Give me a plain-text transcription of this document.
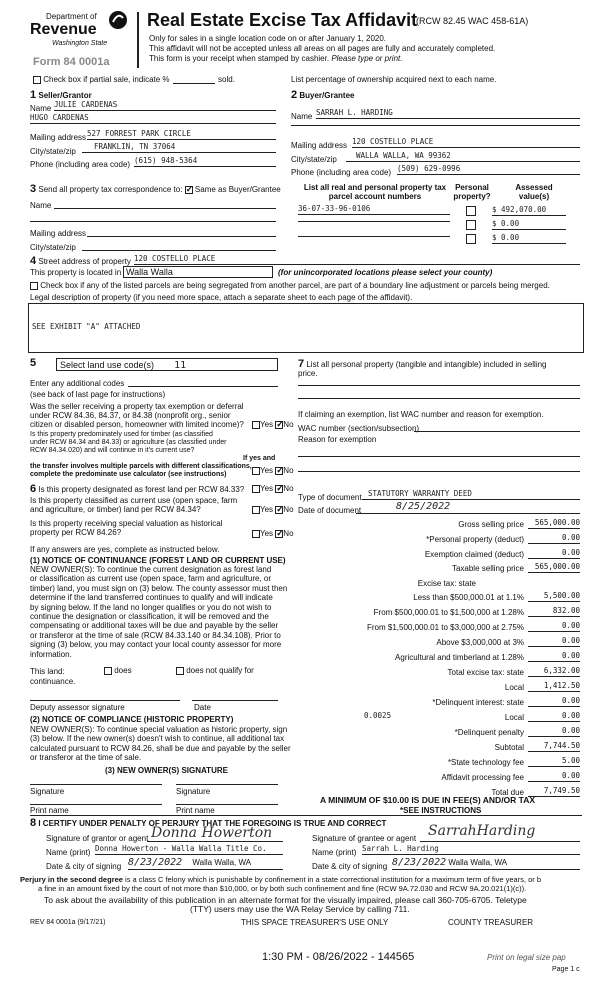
Department of
Revenue
Washington State
Form 84 0001a
Real Estate Excise Tax Affidavit
(RCW 82.45 WAC 458-61A)
Only for sales in a single location code on or after January 1, 2020.
This affidavit will not be accepted unless all areas on all pages are fully and accurately completed.
This form is your receipt when stamped by cashier. Please type or print.
Check box if partial sale, indicate %	sold.	List percentage of ownership acquired next to each name.
1 Seller/Grantor
Name JULIE CARDENAS
HUGO CARDENAS
Mailing address 527 FORREST PARK CIRCLE
City/state/zip
FRANKLIN, TN 37064
Phone (including area code) (615) 948-5364
2 Buyer/Grantee
Name SARRAH L. HARDING
Mailing address 120 COSTELLO PLACE
City/state/zip	WALLA WALLA, WA 99362
Phone (including area code) (509) 629-0996
3 Send all property tax correspondence to: ✓ Same as Buyer/Grantee
Name
Mailing address
City/state/zip
List all real and personal property tax
parcel account numbers
Personal
property?
Assessed
value(s)
36-07-33-96-0106	$ 492,070.00
$ 0.00
$ 0.00
4 Street address of property 120 COSTELLO PLACE
This property is located in Walla Walla	(for unincorporated locations please select your county)
Check box if any of the listed parcels are being segregated from another parcel, are part of a boundary line adjustment or parcels being merged.
Legal description of property (if you need more space, attach a separate sheet to each page of the affidavit).
SEE EXHIBIT "A" ATTACHED
5	Select land use code(s) 11
Enter any additional codes
(see back of last page for instructions)
Was the seller receiving a property tax exemption or deferral
under RCW 84.36, 84.37, or 84.38 (nonprofit org., senior
citizen or disabled person, homeowner with limited income)?	Yes ✓ No
Is this property predominately used for timber (as classified
under RCW 84.34 and 84.33) or agriculture (as classified under
RCW 84.34.020) and will continue in it's current use?
If yes and
the transfer involves multiple parcels with different classifications,
complete the predominate use calculator (see instructions)	Yes ✓ No
6 Is this property designated as forest land per RCW 84.33?	Yes ✓ No
Is this property classified as current use (open space, farm
and agriculture, or timber) land per RCW 84.34?	Yes ✓ No
Is this property receiving special valuation as historical
property per RCW 84.26?	Yes ✓ No
If any answers are yes, complete as instructed below.
(1) NOTICE OF CONTINUANCE (FOREST LAND OR CURRENT USE)
NEW OWNER(S): To continue the current designation as forest land
or classification as current use (open space, farm and agriculture, or
timber) land, you must sign on (3) below. The county assessor must then
determine if the land transferred continues to qualify and will indicate
by signing below. If the land no longer qualifies or you do not wish to
continue the designation or classification, it will be removed and the
compensating or additional taxes will be due and payable by the seller
or transferor at the time of sale (RCW 84.33.140 or 84.34.108). Prior to
signing (3) below, you may contact your local county assessor for more
information.
This land:	does	does not qualify for
continuance.
Deputy assessor signature	Date
(2) NOTICE OF COMPLIANCE (HISTORIC PROPERTY)
NEW OWNER(S): To continue special valuation as historic property, sign
(3) below. If the new owner(s) doesn't wish to continue, all additional tax
calculated pursuant to RCW 84.26, shall be due and payable by the seller
or transferor at the time of sale.
(3) NEW OWNER(S) SIGNATURE
Signature	Signature
Print name	Print name
7 List all personal property (tangible and intangible) included in selling
price.
If claiming an exemption, list WAC number and reason for exemption.
WAC number (section/subsection)
Reason for exemption
Type of document STATUTORY WARRANTY DEED
Date of document	8/25/2022
Gross selling price	565,000.00
*Personal property (deduct)	0.00
Exemption claimed (deduct)	0.00
Taxable selling price	565,000.00
Excise tax: state
Less than $500,000.01 at 1.1%	5,500.00
From $500,000.01 to $1,500,000 at 1.28%	832.00
From $1,500,000.01 to $3,000,000 at 2.75%	0.00
Above $3,000,000 at 3%	0.00
Agricultural and timberland at 1.28%	0.00
Total excise tax: state	6,332.00
Local	1,412.50
*Delinquent interest: state	0.00
Local	0.00
*Delinquent penalty	0.00
Subtotal	7,744.50
*State technology fee	5.00
Affidavit processing fee	0.00
Total due	7,749.50
0.0025
A MINIMUM OF $10.00 IS DUE IN FEE(S) AND/OR TAX
*SEE INSTRUCTIONS
8 I CERTIFY UNDER PENALTY OF PERJURY THAT THE FOREGOING IS TRUE AND CORRECT
Signature of grantor or agent Donna Howerton
Name (print) Donna Howerton - Walla Walla Title Co.
Date & city of signing 8/23/2022 Walla Walla, WA
Signature of grantee or agent SarrahHarding
Name (print) Sarrah L. Harding
Date & city of signing 8/23/2022 Walla Walla, WA
Perjury in the second degree is a class C felony which is punishable by confinement in a state correctional institution for a maximum term of five years, or b
a fine in an amount fixed by the court of not more than $10,000, or by both such confinement and fine (RCW 9A.72.030 and RCW 9A.20.021(1)(c)).
To ask about the availability of this publication in an alternate format for the visually impaired, please call 360-705-6705. Teletype
(TTY) users may use the WA Relay Service by calling 711.
REV 84 0001a (9/17/21)	THIS SPACE TREASURER'S USE ONLY	COUNTY TREASURER
1:30 PM - 08/26/2022 - 144565	Print on legal size pap
Page 1 c
